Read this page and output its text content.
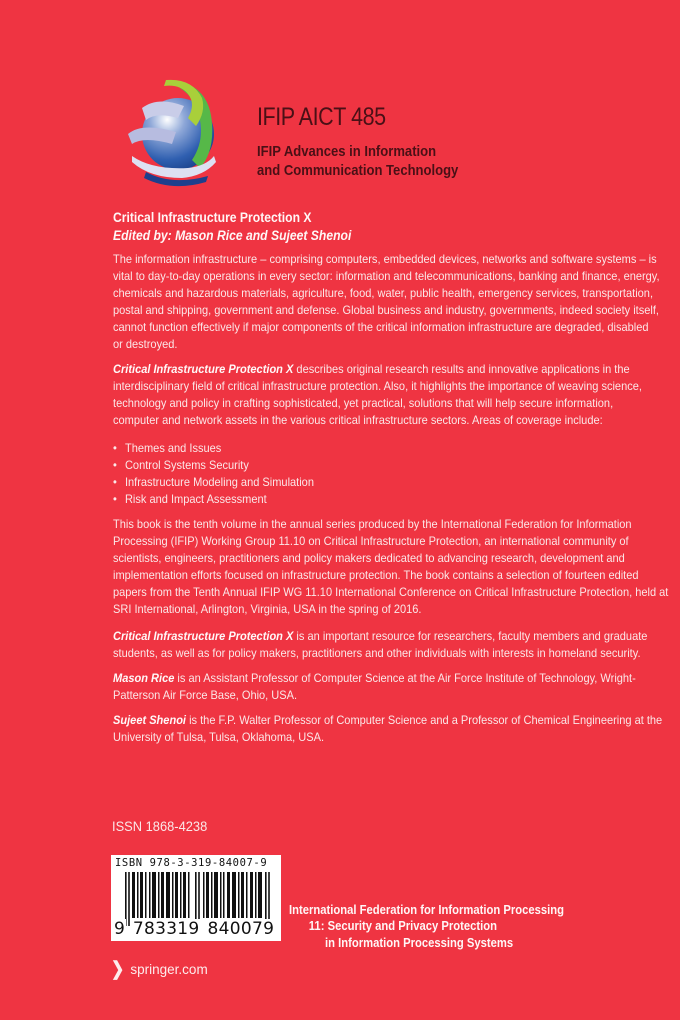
IFIP AICT 485
IFIP Advances in Information
and Communication Technology
Critical Infrastructure Protection X
Edited by: Mason Rice and Sujeet Shenoi
The information infrastructure – comprising computers, embedded devices, networks and software systems – is
vital to day-to-day operations in every sector: information and telecommunications, banking and finance, energy,
chemicals and hazardous materials, agriculture, food, water, public health, emergency services, transportation,
postal and shipping, government and defense. Global business and industry, governments, indeed society itself,
cannot function effectively if major components of the critical information infrastructure are degraded, disabled
or destroyed.
Critical Infrastructure Protection X describes original research results and innovative applications in the
interdisciplinary field of critical infrastructure protection. Also, it highlights the importance of weaving science,
technology and policy in crafting sophisticated, yet practical, solutions that will help secure information,
computer and network assets in the various critical infrastructure sectors. Areas of coverage include:
• Themes and Issues
• Control Systems Security
• Infrastructure Modeling and Simulation
• Risk and Impact Assessment
This book is the tenth volume in the annual series produced by the International Federation for Information
Processing (IFIP) Working Group 11.10 on Critical Infrastructure Protection, an international community of
scientists, engineers, practitioners and policy makers dedicated to advancing research, development and
implementation efforts focused on infrastructure protection. The book contains a selection of fourteen edited
papers from the Tenth Annual IFIP WG 11.10 International Conference on Critical Infrastructure Protection, held at
SRI International, Arlington, Virginia, USA in the spring of 2016.
Critical Infrastructure Protection X is an important resource for researchers, faculty members and graduate
students, as well as for policy makers, practitioners and other individuals with interests in homeland security.
Mason Rice is an Assistant Professor of Computer Science at the Air Force Institute of Technology, Wright-
Patterson Air Force Base, Ohio, USA.
Sujeet Shenoi is the F.P. Walter Professor of Computer Science and a Professor of Chemical Engineering at the
University of Tulsa, Tulsa, Oklahoma, USA.
ISSN 1868-4238
ISBN 978-3-319-84007-9
9 783319 840079
International Federation for Information Processing
11: Security and Privacy Protection
in Information Processing Systems
❯ springer.com
